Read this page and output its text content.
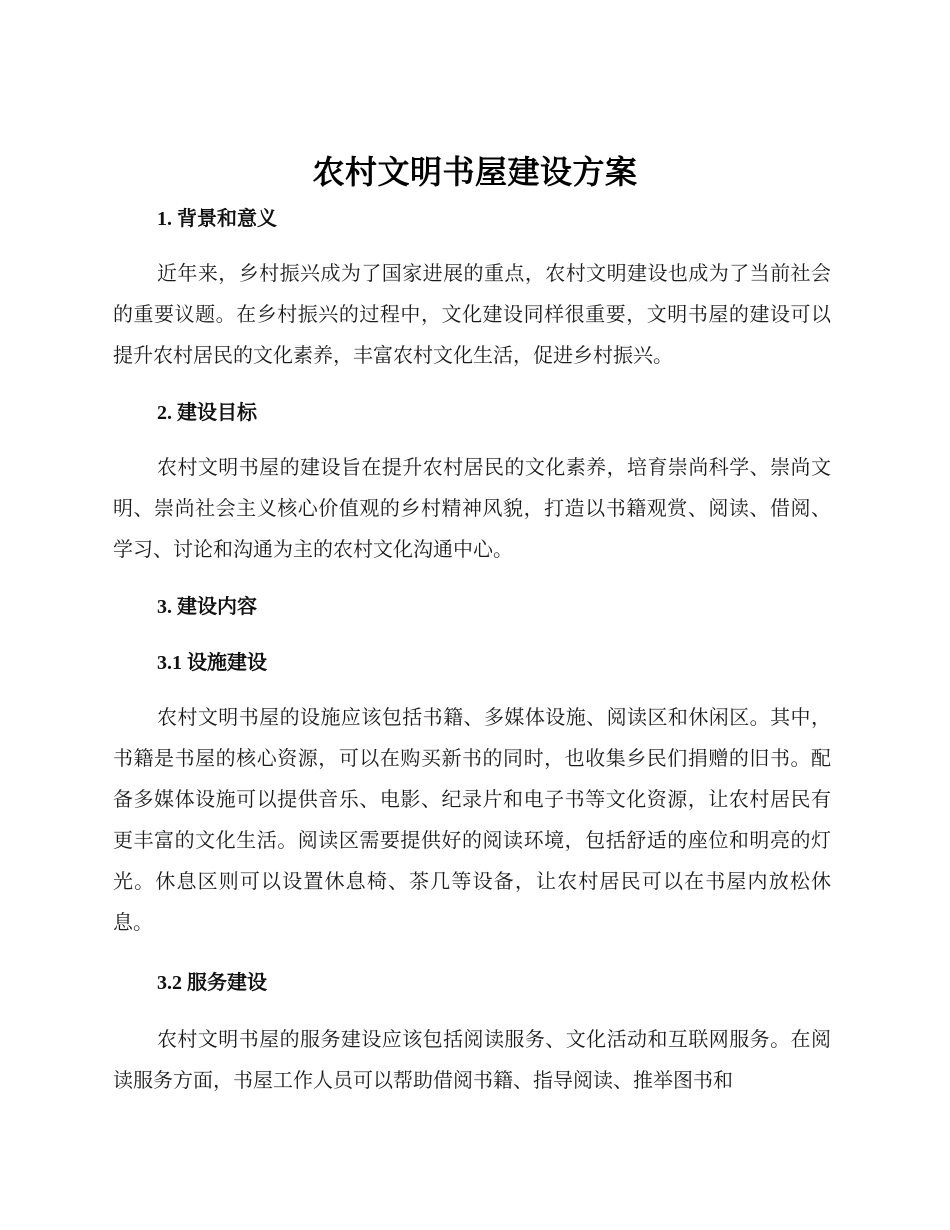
农村文明书屋建设方案
1. 背景和意义
近年来，乡村振兴成为了国家进展的重点，农村文明建设也成为了当前社会的重要议题。在乡村振兴的过程中，文化建设同样很重要，文明书屋的建设可以提升农村居民的文化素养，丰富农村文化生活，促进乡村振兴。
2. 建设目标
农村文明书屋的建设旨在提升农村居民的文化素养，培育崇尚科学、崇尚文明、崇尚社会主义核心价值观的乡村精神风貌，打造以书籍观赏、阅读、借阅、学习、讨论和沟通为主的农村文化沟通中心。
3. 建设内容
3.1 设施建设
农村文明书屋的设施应该包括书籍、多媒体设施、阅读区和休闲区。其中，书籍是书屋的核心资源，可以在购买新书的同时，也收集乡民们捐赠的旧书。配备多媒体设施可以提供音乐、电影、纪录片和电子书等文化资源，让农村居民有更丰富的文化生活。阅读区需要提供好的阅读环境，包括舒适的座位和明亮的灯光。休息区则可以设置休息椅、茶几等设备，让农村居民可以在书屋内放松休息。
3.2 服务建设
农村文明书屋的服务建设应该包括阅读服务、文化活动和互联网服务。在阅读服务方面，书屋工作人员可以帮助借阅书籍、指导阅读、推举图书和
